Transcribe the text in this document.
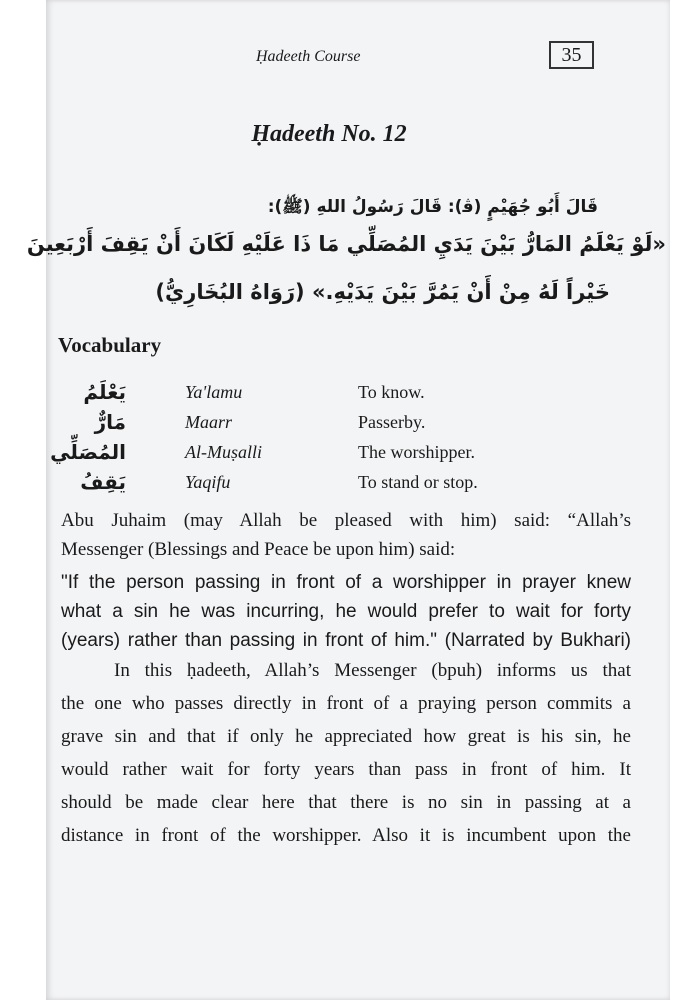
Ḥadeeth Course	35
Ḥadeeth No. 12
قَالَ أَبُو جُهَيْمٍ (ﭬ): قَالَ رَسُولُ اللهِ (ﷺ):
«لَوْ يَعْلَمُ المَارُّ بَيْنَ يَدَيِ المُصَلِّي مَا ذَا عَلَيْهِ لَكَانَ أَنْ يَقِفَ أَرْبَعِينَ
خَيْراً لَهُ مِنْ أَنْ يَمُرَّ بَيْنَ يَدَيْهِ.» (رَوَاهُ البُخَارِيُّ)
Vocabulary
يَعْلَمُ	Ya'lamu	To know.
مَارٌّ	Maarr	Passerby.
المُصَلِّي	Al-Muṣalli	The worshipper.
يَقِفُ	Yaqifu	To stand or stop.
Abu Juhaim (may Allah be pleased with him) said: “Allah’s
Messenger (Blessings and Peace be upon him) said:
"If the person passing in front of a worshipper in prayer knew
what a sin he was incurring, he would prefer to wait for forty
(years) rather than passing in front of him." (Narrated by Bukhari)
In this ḥadeeth, Allah’s Messenger (bpuh) informs us that
the one who passes directly in front of a praying person commits a
grave sin and that if only he appreciated how great is his sin, he
would rather wait for forty years than pass in front of him. It
should be made clear here that there is no sin in passing at a
distance in front of the worshipper. Also it is incumbent upon the
